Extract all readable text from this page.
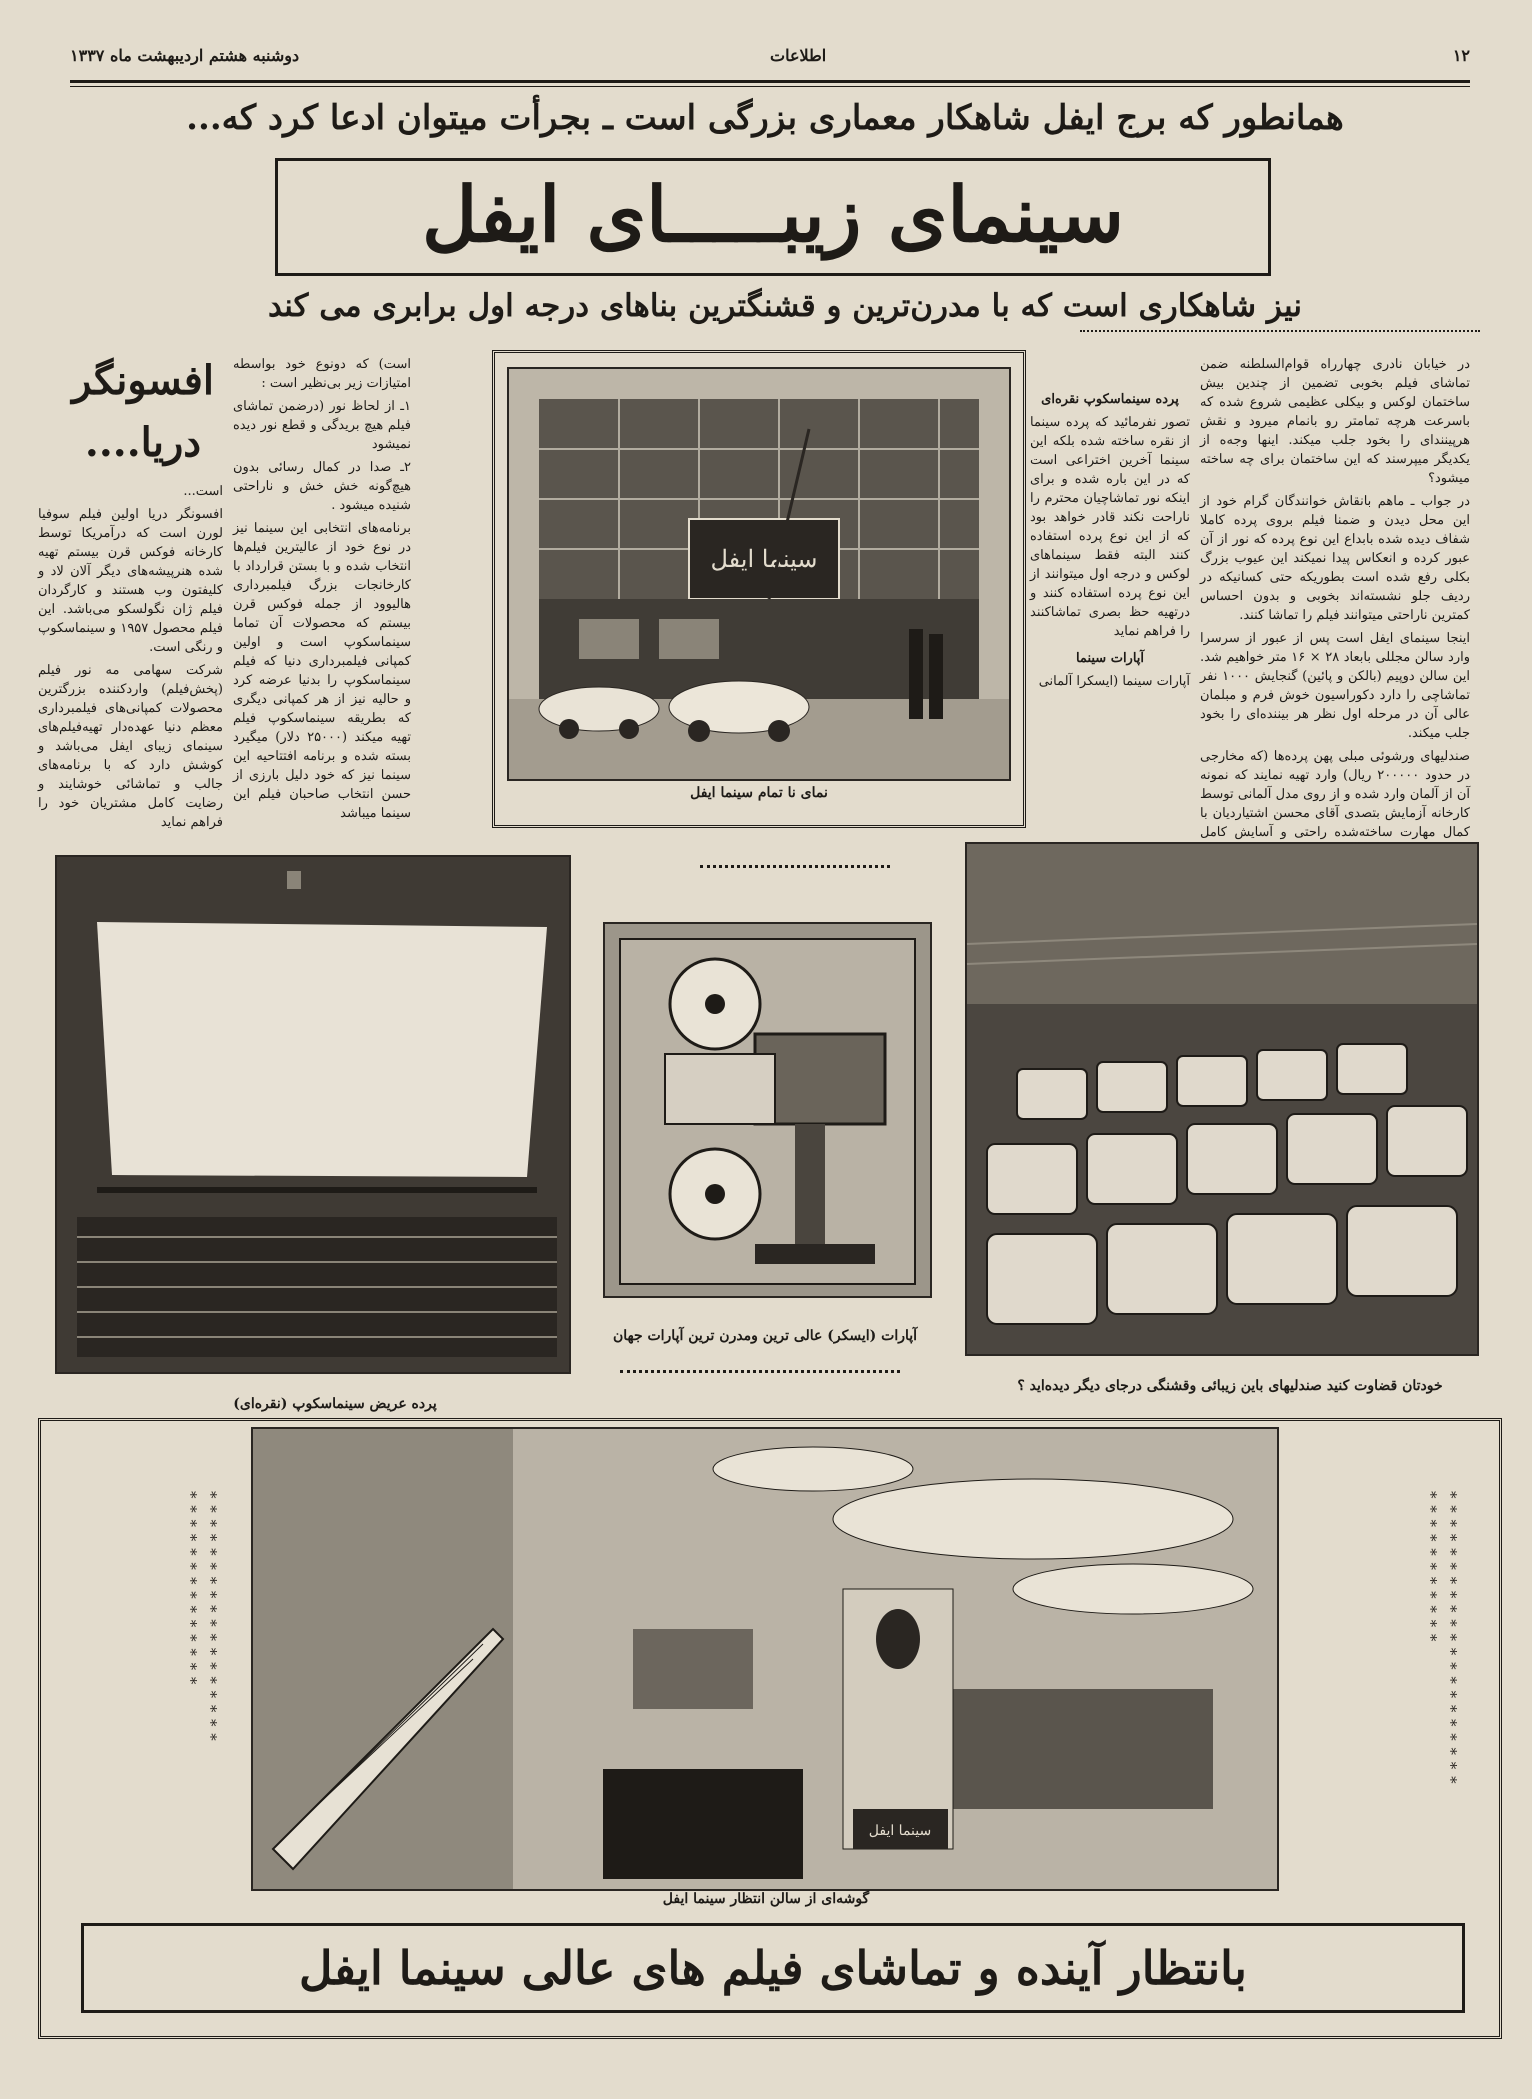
۱۲
اطلاعات
دوشنبه هشتم اردیبهشت ماه ۱۳۳۷
همانطور که برج ایفل شاهکار معماری بزرگی است ـ بجرأت میتوان ادعا کرد که...
سینمای زیبـــــای ایفل
نیز شاهکاری است که با مدرن‌ترین و قشنگترین بناهای درجه اول برابری می کند
افسونگر دریا....

است...

افسونگر دریا اولین فیلم سوفیا لورن است که درآمریکا توسط کارخانه فوکس قرن بیستم تهیه شده هنرپیشه‌های دیگر آلان لاد و کلیفتون وب هستند و کارگردان فیلم ژان نگولسکو می‌باشد. این فیلم محصول ۱۹۵۷ و سینماسکوپ و رنگی است.

شرکت سهامی مه نور فیلم (پخش‌فیلم) واردکننده بزرگترین محصولات کمپانی‌های فیلمبرداری معظم دنیا عهده‌دار تهیه‌فیلم‌های سینمای زیبای ایفل می‌باشد و کوشش دارد که با برنامه‌های جالب و تماشائی خوشایند و رضایت کامل مشتریان خود را فراهم نماید

است) که دونوع خود بواسطه امتیازات زیر بی‌نظیر است :

۱ـ از لحاظ نور (درضمن تماشای فیلم هیچ بریدگی و قطع نور دیده نمیشود

۲ـ صدا در کمال رسائی بدون هیچ‌گونه خش خش و ناراحتی شنیده میشود .

برنامه‌های انتخابی این سینما نیز در نوع خود از عالیترین فیلم‌ها انتخاب شده و با بستن قرارداد با کارخانجات بزرگ فیلمبرداری هالیوود از جمله فوکس قرن بیستم که محصولات آن تماما سینماسکوپ است و اولین کمپانی فیلمبرداری دنیا که فیلم سینماسکوپ را بدنیا عرضه کرد و حالیه نیز از هر کمپانی دیگری که بطریقه سینماسکوپ فیلم تهیه میکند (۲۵۰۰۰ دلار) میگیرد بسته شده و برنامه افتتاحیه این سینما نیز که خود دلیل بارزی از حسن انتخاب صاحبان فیلم این سینما میباشد

سینما ایفل
نمای نا تمام سینما ایفل

پرده سینماسکوپ نقره‌ای

تصور نفرمائید که پرده سینما از نقره ساخته شده بلکه این سینما آخرین اختراعی است که در این باره شده و برای اینکه نور تماشاچیان محترم را ناراحت نکند قادر خواهد بود که از این نوع پرده استفاده کنند البته فقط سینماهای لوکس و درجه اول میتوانند از این نوع پرده استفاده کنند و درتهیه حظ بصری تماشاکنند را فراهم نماید

آپارات سینما

آپارات سینما (ایسکرا آلمانی

در خیابان نادری چهارراه قوام‌السلطنه ضمن تماشای فیلم بخوبی تضمین از چندین بیش ساختمان لوکس و بیکلی عظیمی شروع شده که باسرعت هرچه تمامتر رو بانمام میرود و نقش هرپینندای را بخود جلب میکند. اینها وجه‌ه از یکدیگر میپرسند که این ساختمان برای چه ساخته میشود؟

در جواب ـ ماهم بانقاش خوانندگان گرام خود از این محل دیدن و ضمنا فیلم بروی پرده کاملا شفاف دیده شده بابداع این نوع پرده که نور از آن عبور کرده و انعکاس پیدا نمیکند این عیوب بزرگ بکلی رفع شده است بطوریکه حتی کسانیکه در ردیف جلو نشسته‌اند بخوبی و بدون احساس کمترین ناراحتی میتوانند فیلم را تماشا کنند.

اینجا سینمای ایفل است پس از عبور از سرسرا وارد سالن مجللی بابعاد ۲۸ × ۱۶ متر خواهیم شد. این سالن دوپیم (بالکن و پائین) گنجایش ۱۰۰۰ نفر تماشاچی را دارد دکوراسیون خوش فرم و مبلمان عالی آن در مرحله اول نظر هر بیننده‌ای را بخود جلب میکند.

صندلیهای ورشوئی مبلی پهن پرده‌ها (که مخارجی در حدود ۲۰۰۰۰۰ ریال) وارد تهیه نمایند که نمونه آن از آلمان وارد شده و از روی مدل آلمانی توسط کارخانه آزمایش بتصدی آقای محسن اشتیاردیان با کمال مهارت ساخته‌شده راحتی و آسایش کامل

پرده عریض سینماسکوپ (نقره‌ای)
آپارات (ایسکر) عالی ترین ومدرن ترین آپارات جهان
خودتان قضاوت کنید صندلیهای باین زیبائی وقشنگی درجای دیگر دیده‌اید ؟
* * * * * * * * * * * * * * * * * * * * * * * * * * * * * * * *
سینما ایفل
گوشه‌ای از سالن انتظار سینما ایفل
* * * * * * * * * * * * * * * * * * * * * * * * * * * * * * * *
بانتظار آینده و تماشای فیلم های عالی سینما ایفل
